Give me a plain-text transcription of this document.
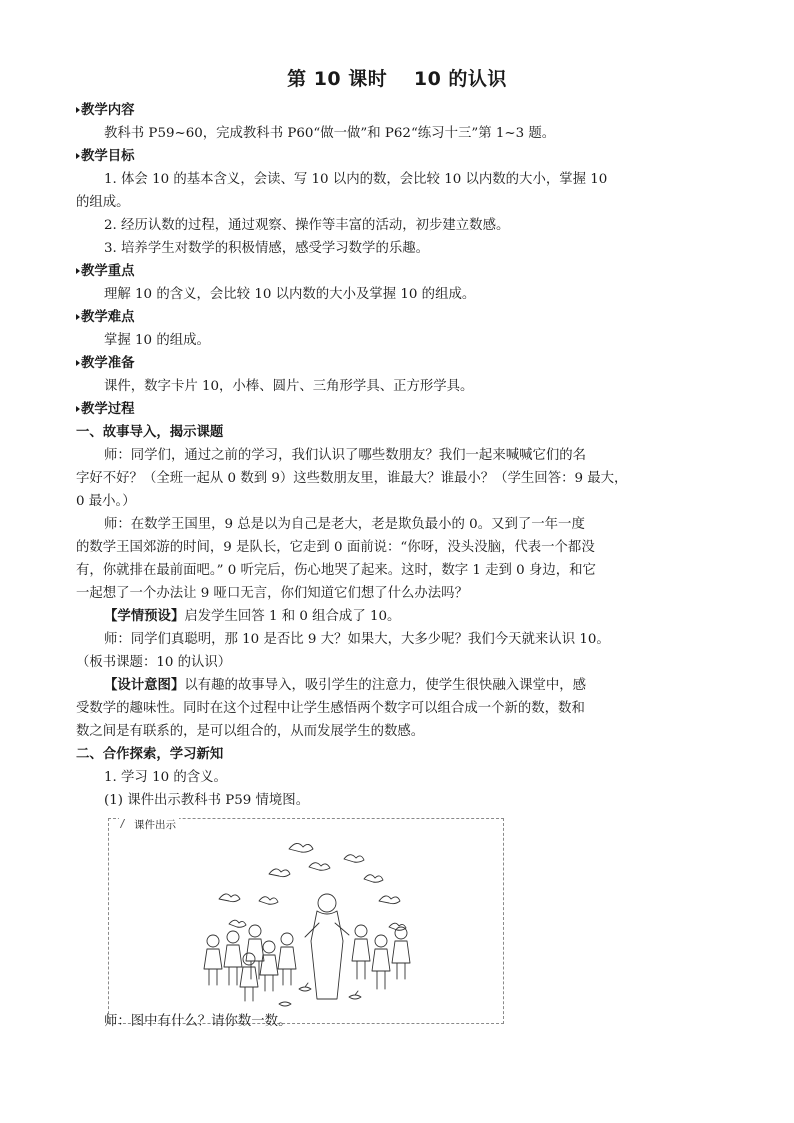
第 10 课时　 10 的认识
教学内容
教科书 P59~60，完成教科书 P60“做一做”和 P62“练习十三”第 1~3 题。
教学目标
1. 体会 10 的基本含义，会读、写 10 以内的数，会比较 10 以内数的大小，掌握 10
的组成。
2. 经历认数的过程，通过观察、操作等丰富的活动，初步建立数感。
3. 培养学生对数学的积极情感，感受学习数学的乐趣。
教学重点
理解 10 的含义，会比较 10 以内数的大小及掌握 10 的组成。
教学难点
掌握 10 的组成。
教学准备
课件，数字卡片 10，小棒、圆片、三角形学具、正方形学具。
教学过程
一、故事导入，揭示课题
师：同学们，通过之前的学习，我们认识了哪些数朋友？我们一起来喊喊它们的名
字好不好？（全班一起从 0 数到 9）这些数朋友里，谁最大？谁最小？（学生回答：9 最大，
0 最小。）
师：在数学王国里，9 总是以为自己是老大，老是欺负最小的 0。又到了一年一度
的数学王国郊游的时间，9 是队长，它走到 0 面前说：“你呀，没头没脑，代表一个都没
有，你就排在最前面吧。” 0 听完后，伤心地哭了起来。这时，数字 1 走到 0 身边，和它
一起想了一个办法让 9 哑口无言，你们知道它们想了什么办法吗？
【学情预设】启发学生回答 1 和 0 组合成了 10。
师：同学们真聪明，那 10 是否比 9 大？如果大，大多少呢？我们今天就来认识 10。
（板书课题：10 的认识）
【设计意图】以有趣的故事导入，吸引学生的注意力，使学生很快融入课堂中，感
受数学的趣味性。同时在这个过程中让学生感悟两个数字可以组合成一个新的数，数和
数之间是有联系的，是可以组合的，从而发展学生的数感。
二、合作探索，学习新知
1. 学习 10 的含义。
(1) 课件出示教科书 P59 情境图。
课件出示
师：图中有什么？请你数一数。
